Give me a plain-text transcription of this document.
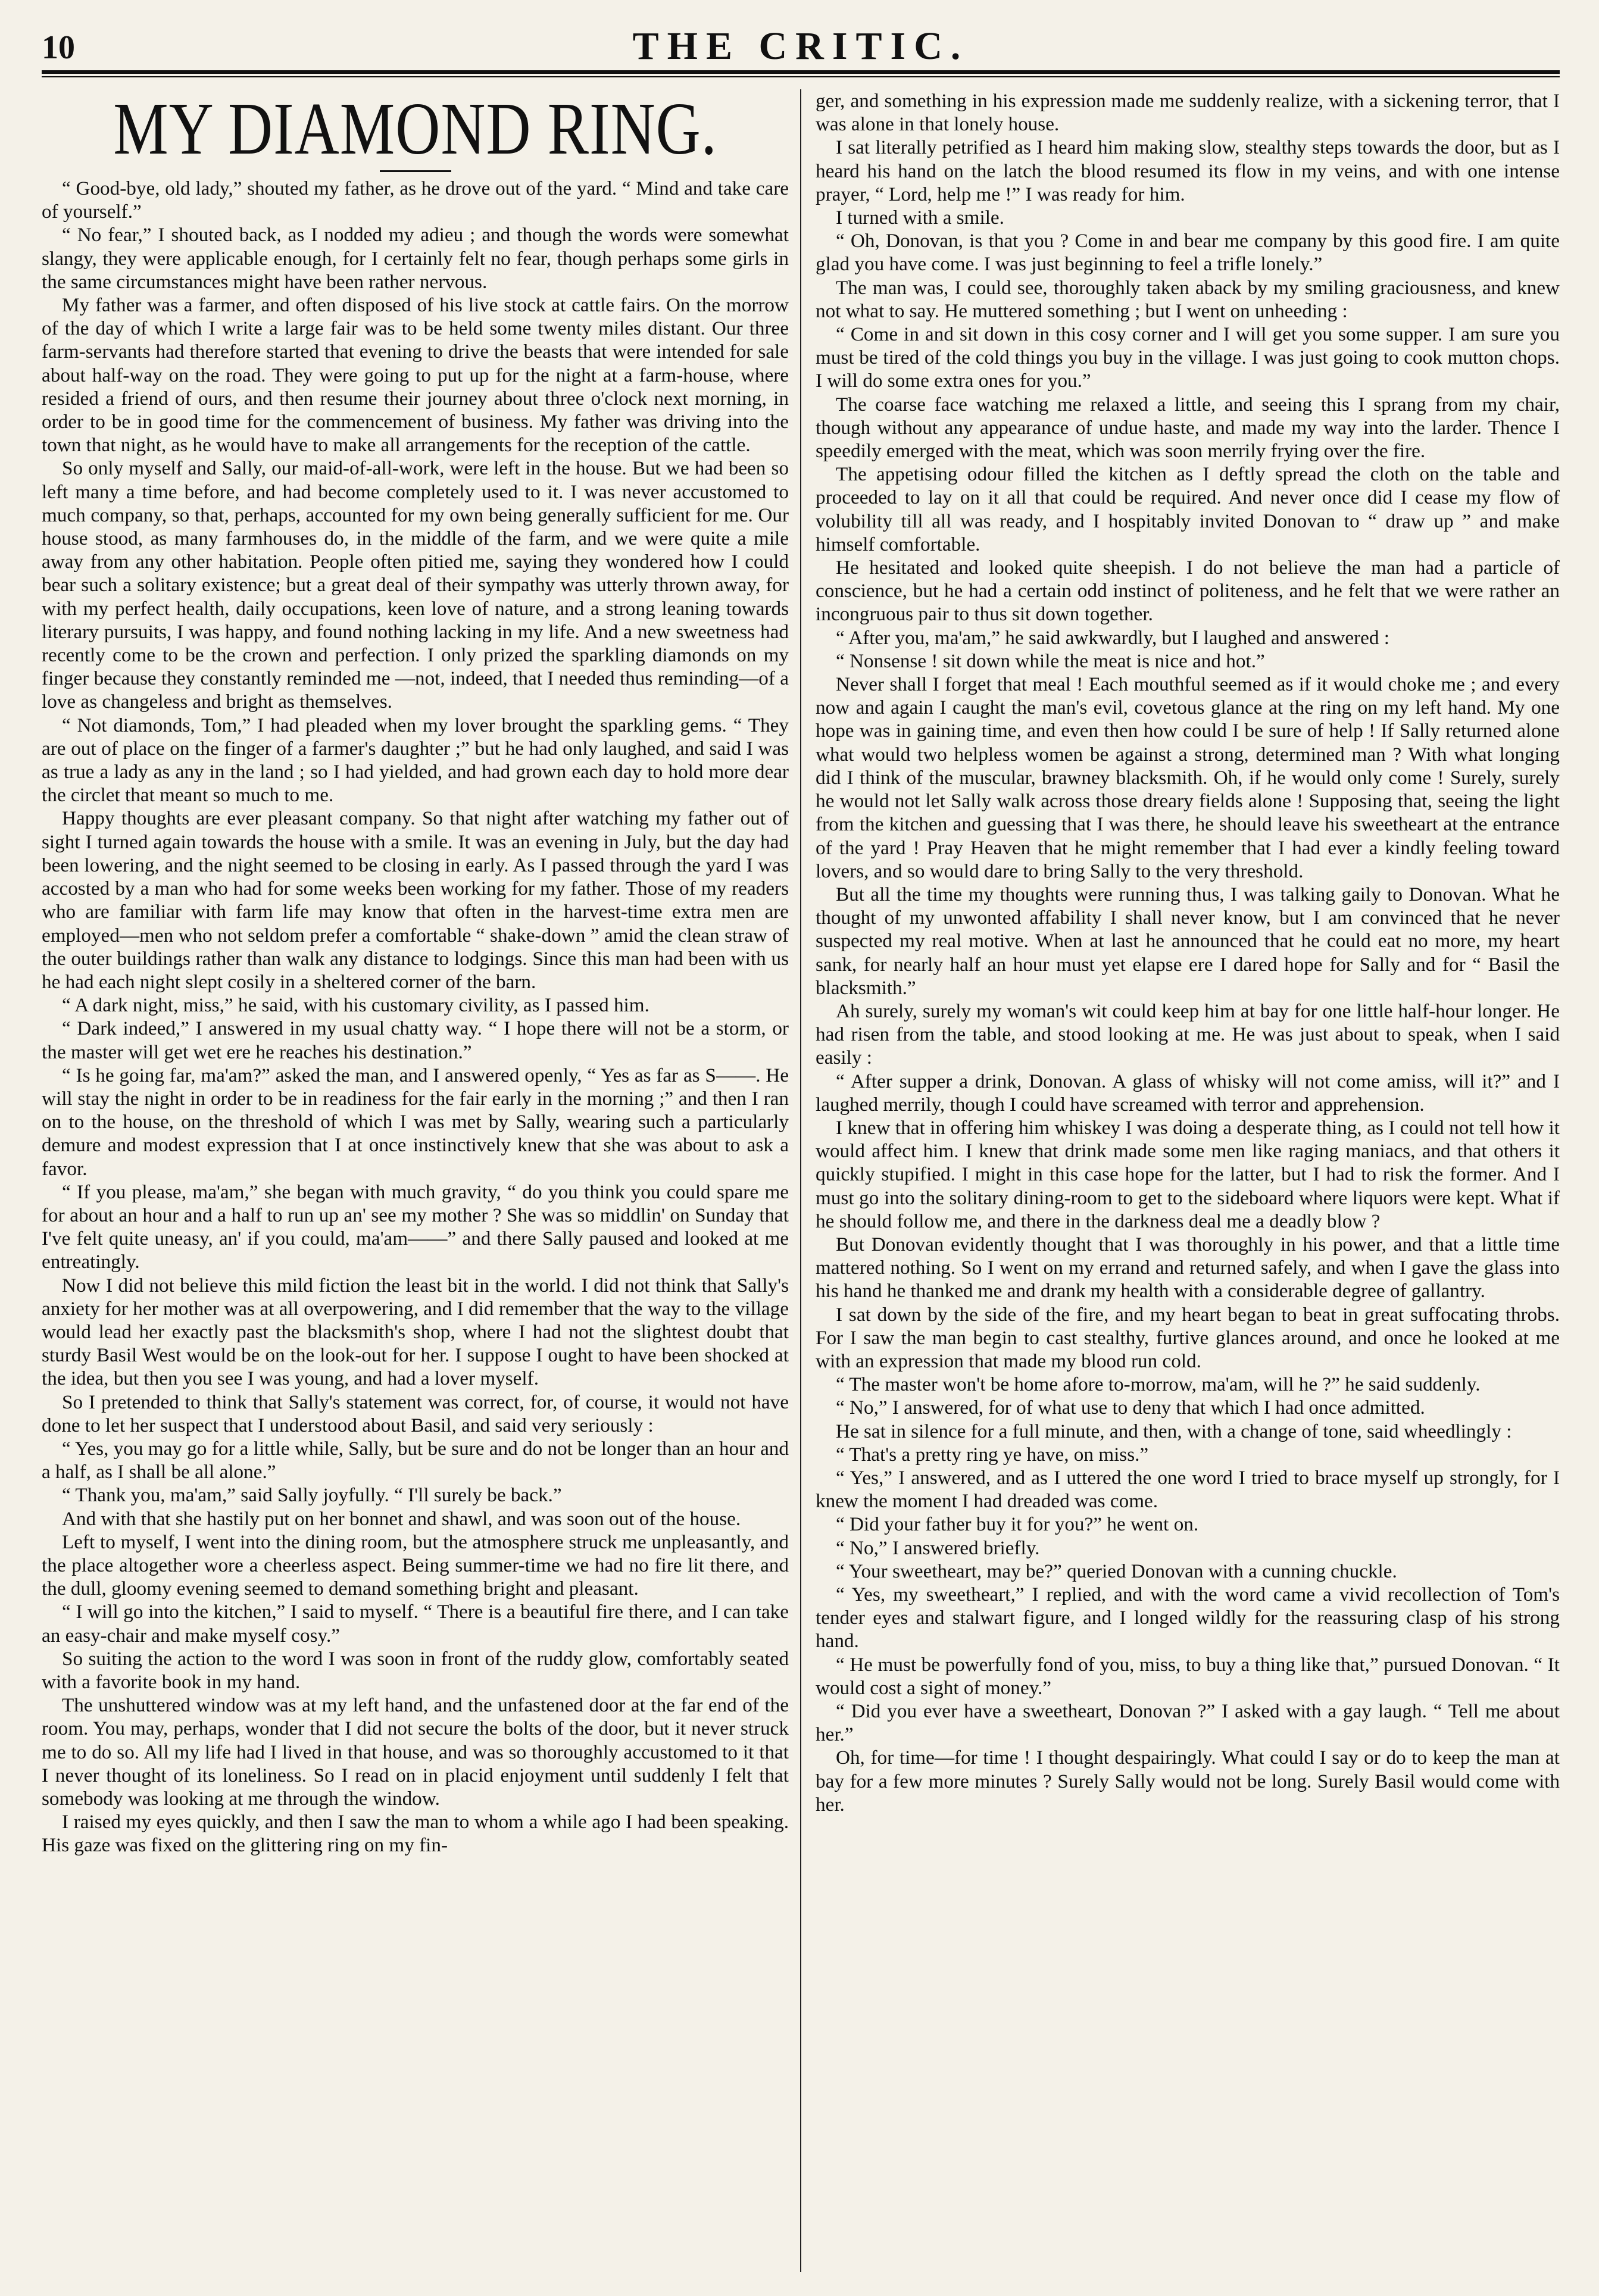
10	THE CRITIC.
MY DIAMOND RING.

“ Good-bye, old lady,” shouted my father, as he drove out of the yard. “ Mind and take care of yourself.”

“ No fear,” I shouted back, as I nodded my adieu ; and though the words were somewhat slangy, they were applicable enough, for I certainly felt no fear, though perhaps some girls in the same circumstances might have been rather nervous.

My father was a farmer, and often disposed of his live stock at cattle fairs. On the morrow of the day of which I write a large fair was to be held some twenty miles distant. Our three farm-servants had therefore started that evening to drive the beasts that were intended for sale about half-way on the road. They were going to put up for the night at a farm-house, where resided a friend of ours, and then resume their journey about three o'clock next morning, in order to be in good time for the commencement of business. My father was driving into the town that night, as he would have to make all arrangements for the reception of the cattle.

So only myself and Sally, our maid-of-all-work, were left in the house. But we had been so left many a time before, and had become completely used to it. I was never accustomed to much company, so that, perhaps, accounted for my own being generally sufficient for me. Our house stood, as many farmhouses do, in the middle of the farm, and we were quite a mile away from any other habitation. People often pitied me, saying they wondered how I could bear such a solitary existence; but a great deal of their sympathy was utterly thrown away, for with my perfect health, daily occupations, keen love of nature, and a strong leaning towards literary pursuits, I was happy, and found nothing lacking in my life. And a new sweetness had recently come to be the crown and perfection. I only prized the sparkling diamonds on my finger because they constantly reminded me —not, indeed, that I needed thus reminding—of a love as changeless and bright as themselves.

“ Not diamonds, Tom,” I had pleaded when my lover brought the sparkling gems. “ They are out of place on the finger of a farmer's daughter ;” but he had only laughed, and said I was as true a lady as any in the land ; so I had yielded, and had grown each day to hold more dear the circlet that meant so much to me.

Happy thoughts are ever pleasant company. So that night after watching my father out of sight I turned again towards the house with a smile. It was an evening in July, but the day had been lowering, and the night seemed to be closing in early. As I passed through the yard I was accosted by a man who had for some weeks been working for my father. Those of my readers who are familiar with farm life may know that often in the harvest-time extra men are employed—men who not seldom prefer a comfortable “ shake-down ” amid the clean straw of the outer buildings rather than walk any distance to lodgings. Since this man had been with us he had each night slept cosily in a sheltered corner of the barn.

“ A dark night, miss,” he said, with his customary civility, as I passed him.

“ Dark indeed,” I answered in my usual chatty way. “ I hope there will not be a storm, or the master will get wet ere he reaches his destination.”

“ Is he going far, ma'am?” asked the man, and I answered openly, “ Yes as far as S——. He will stay the night in order to be in readiness for the fair early in the morning ;” and then I ran on to the house, on the threshold of which I was met by Sally, wearing such a particularly demure and modest expression that I at once instinctively knew that she was about to ask a favor.

“ If you please, ma'am,” she began with much gravity, “ do you think you could spare me for about an hour and a half to run up an' see my mother ? She was so middlin' on Sunday that I've felt quite uneasy, an' if you could, ma'am——” and there Sally paused and looked at me entreatingly.

Now I did not believe this mild fiction the least bit in the world. I did not think that Sally's anxiety for her mother was at all overpowering, and I did remember that the way to the village would lead her exactly past the blacksmith's shop, where I had not the slightest doubt that sturdy Basil West would be on the look-out for her. I suppose I ought to have been shocked at the idea, but then you see I was young, and had a lover myself.

So I pretended to think that Sally's statement was correct, for, of course, it would not have done to let her suspect that I understood about Basil, and said very seriously :

“ Yes, you may go for a little while, Sally, but be sure and do not be longer than an hour and a half, as I shall be all alone.”

“ Thank you, ma'am,” said Sally joyfully. “ I'll surely be back.”

And with that she hastily put on her bonnet and shawl, and was soon out of the house.

Left to myself, I went into the dining room, but the atmosphere struck me unpleasantly, and the place altogether wore a cheerless aspect. Being summer-time we had no fire lit there, and the dull, gloomy evening seemed to demand something bright and pleasant.

“ I will go into the kitchen,” I said to myself. “ There is a beautiful fire there, and I can take an easy-chair and make myself cosy.”

So suiting the action to the word I was soon in front of the ruddy glow, comfortably seated with a favorite book in my hand.

The unshuttered window was at my left hand, and the unfastened door at the far end of the room. You may, perhaps, wonder that I did not secure the bolts of the door, but it never struck me to do so. All my life had I lived in that house, and was so thoroughly accustomed to it that I never thought of its loneliness. So I read on in placid enjoyment until suddenly I felt that somebody was looking at me through the window.

I raised my eyes quickly, and then I saw the man to whom a while ago I had been speaking. His gaze was fixed on the glittering ring on my fin-

ger, and something in his expression made me suddenly realize, with a sickening terror, that I was alone in that lonely house.

I sat literally petrified as I heard him making slow, stealthy steps towards the door, but as I heard his hand on the latch the blood resumed its flow in my veins, and with one intense prayer, “ Lord, help me !” I was ready for him.

I turned with a smile.

“ Oh, Donovan, is that you ? Come in and bear me company by this good fire. I am quite glad you have come. I was just beginning to feel a trifle lonely.”

The man was, I could see, thoroughly taken aback by my smiling graciousness, and knew not what to say. He muttered something ; but I went on unheeding :

“ Come in and sit down in this cosy corner and I will get you some supper. I am sure you must be tired of the cold things you buy in the village. I was just going to cook mutton chops. I will do some extra ones for you.”

The coarse face watching me relaxed a little, and seeing this I sprang from my chair, though without any appearance of undue haste, and made my way into the larder. Thence I speedily emerged with the meat, which was soon merrily frying over the fire.

The appetising odour filled the kitchen as I deftly spread the cloth on the table and proceeded to lay on it all that could be required. And never once did I cease my flow of volubility till all was ready, and I hospitably invited Donovan to “ draw up ” and make himself comfortable.

He hesitated and looked quite sheepish. I do not believe the man had a particle of conscience, but he had a certain odd instinct of politeness, and he felt that we were rather an incongruous pair to thus sit down together.

“ After you, ma'am,” he said awkwardly, but I laughed and answered :

“ Nonsense ! sit down while the meat is nice and hot.”

Never shall I forget that meal ! Each mouthful seemed as if it would choke me ; and every now and again I caught the man's evil, covetous glance at the ring on my left hand. My one hope was in gaining time, and even then how could I be sure of help ! If Sally returned alone what would two helpless women be against a strong, determined man ? With what longing did I think of the muscular, brawney blacksmith. Oh, if he would only come ! Surely, surely he would not let Sally walk across those dreary fields alone ! Supposing that, seeing the light from the kitchen and guessing that I was there, he should leave his sweetheart at the entrance of the yard ! Pray Heaven that he might remember that I had ever a kindly feeling toward lovers, and so would dare to bring Sally to the very threshold.

But all the time my thoughts were running thus, I was talking gaily to Donovan. What he thought of my unwonted affability I shall never know, but I am convinced that he never suspected my real motive. When at last he announced that he could eat no more, my heart sank, for nearly half an hour must yet elapse ere I dared hope for Sally and for “ Basil the blacksmith.”

Ah surely, surely my woman's wit could keep him at bay for one little half-hour longer. He had risen from the table, and stood looking at me. He was just about to speak, when I said easily :

“ After supper a drink, Donovan. A glass of whisky will not come amiss, will it?” and I laughed merrily, though I could have screamed with terror and apprehension.

I knew that in offering him whiskey I was doing a desperate thing, as I could not tell how it would affect him. I knew that drink made some men like raging maniacs, and that others it quickly stupified. I might in this case hope for the latter, but I had to risk the former. And I must go into the solitary dining-room to get to the sideboard where liquors were kept. What if he should follow me, and there in the darkness deal me a deadly blow ?

But Donovan evidently thought that I was thoroughly in his power, and that a little time mattered nothing. So I went on my errand and returned safely, and when I gave the glass into his hand he thanked me and drank my health with a considerable degree of gallantry.

I sat down by the side of the fire, and my heart began to beat in great suffocating throbs. For I saw the man begin to cast stealthy, furtive glances around, and once he looked at me with an expression that made my blood run cold.

“ The master won't be home afore to-morrow, ma'am, will he ?” he said suddenly.

“ No,” I answered, for of what use to deny that which I had once admitted.

He sat in silence for a full minute, and then, with a change of tone, said wheedlingly :

“ That's a pretty ring ye have, on miss.”

“ Yes,” I answered, and as I uttered the one word I tried to brace myself up strongly, for I knew the moment I had dreaded was come.

“ Did your father buy it for you?” he went on.

“ No,” I answered briefly.

“ Your sweetheart, may be?” queried Donovan with a cunning chuckle.

“ Yes, my sweetheart,” I replied, and with the word came a vivid recollection of Tom's tender eyes and stalwart figure, and I longed wildly for the reassuring clasp of his strong hand.

“ He must be powerfully fond of you, miss, to buy a thing like that,” pursued Donovan. “ It would cost a sight of money.”

“ Did you ever have a sweetheart, Donovan ?” I asked with a gay laugh. “ Tell me about her.”

Oh, for time—for time ! I thought despairingly. What could I say or do to keep the man at bay for a few more minutes ? Surely Sally would not be long. Surely Basil would come with her.
